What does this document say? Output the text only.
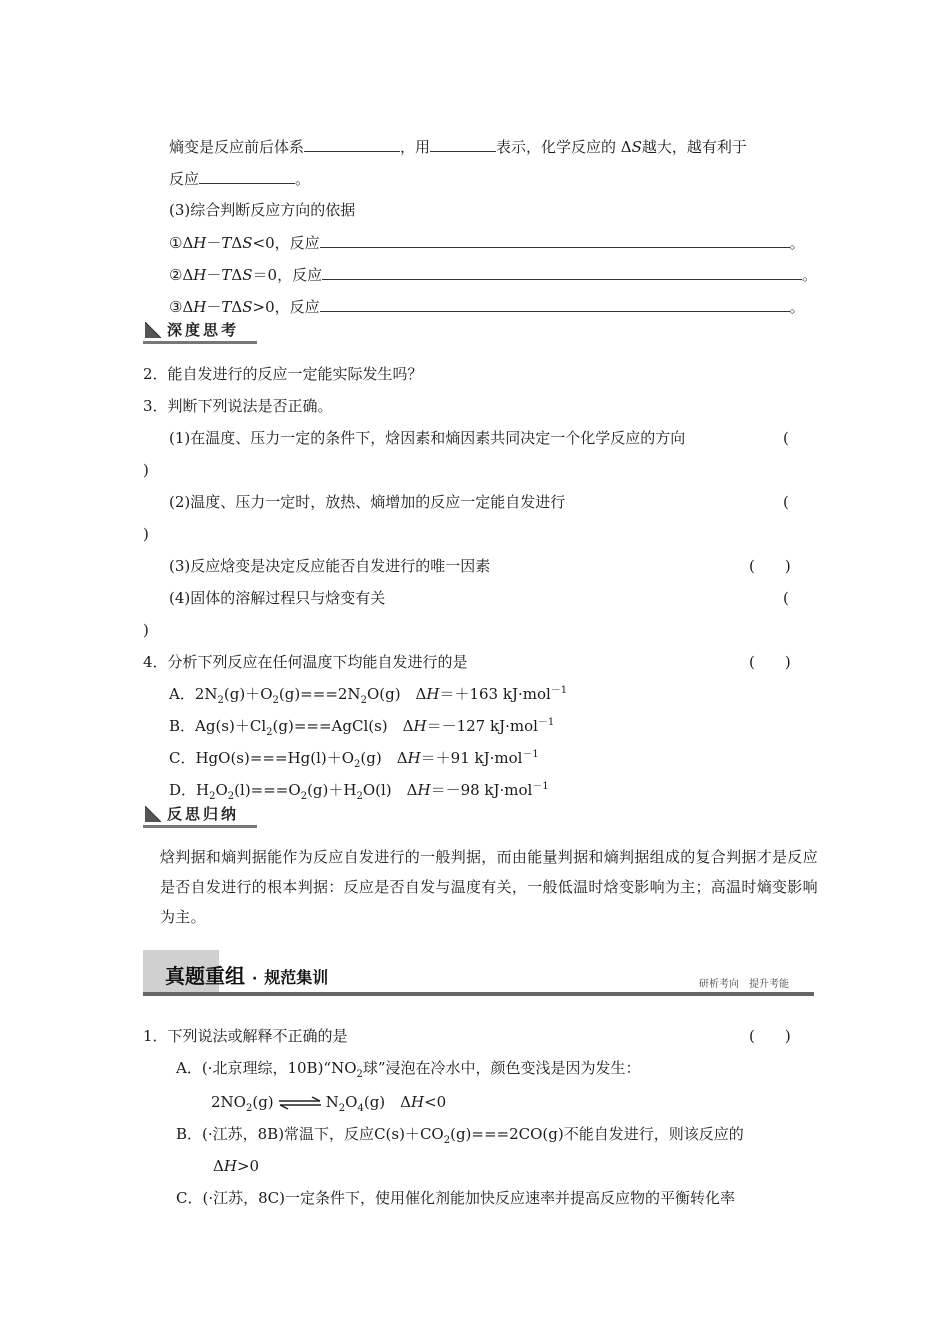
熵变是反应前后体系	，用	表示，化学反应的 ΔS越大，越有利于
反应	。
(3)综合判断反应方向的依据
①ΔH－TΔS<0，反应	。
②ΔH－TΔS＝0，反应	。
③ΔH－TΔS>0，反应	。
深度思考
2．能自发进行的反应一定能实际发生吗？
3．判断下列说法是否正确。
(1)在温度、压力一定的条件下，焓因素和熵因素共同决定一个化学反应的方向	(
)
(2)温度、压力一定时，放热、熵增加的反应一定能自发进行	(
)
(3)反应焓变是决定反应能否自发进行的唯一因素	(　　)
(4)固体的溶解过程只与焓变有关	(
)
4．分析下列反应在任何温度下均能自发进行的是	(　　)
A．$2N_2(g)+O_2(g)===2N_2O(g)$　ΔH＝＋163 kJ·mol$^{-1}$
B．$Ag(s)+Cl_2(g)===AgCl(s)$　ΔH＝－127 kJ·mol$^{-1}$
C．$HgO(s)===Hg(l)+O_2(g)$　ΔH＝＋91 kJ·mol$^{-1}$
D．$H_2O_2(l)===O_2(g)+H_2O(l)$　ΔH＝－98 kJ·mol$^{-1}$
反思归纳
焓判据和熵判据能作为反应自发进行的一般判据，而由能量判据和熵判据组成的复合判据才是反应是否自发进行的根本判据：反应是否自发与温度有关，一般低温时焓变影响为主；高温时熵变影响为主。
真题重组 · 规范集训	研析考向　提升考能
1．下列说法或解释不正确的是	(　　)
A．(·北京理综，$10B)“NO_2$球”浸泡在冷水中，颜色变浅是因为发生：
$2NO_2(g)$ ⇌ $N_2O_4(g)$　ΔH<0
B．(·江苏，8B)常温下，反应$C(s)+CO_2(g)===2CO(g)$不能自发进行，则该反应的
ΔH>0
C．(·江苏，8C)一定条件下，使用催化剂能加快反应速率并提高反应物的平衡转化率
